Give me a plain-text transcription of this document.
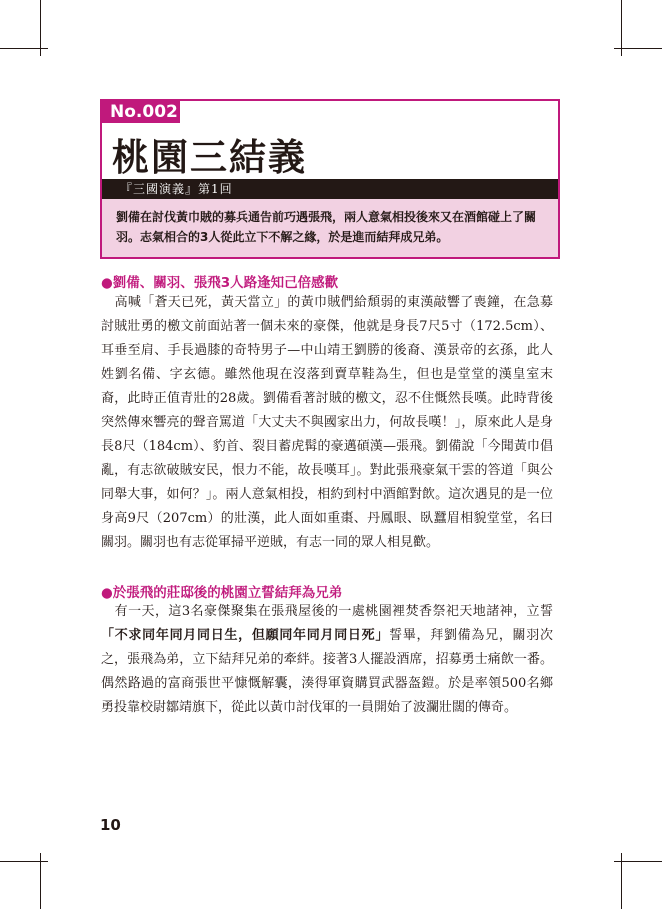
No.002
桃園三結義
『三國演義』第1回
劉備在討伐黃巾賊的募兵通告前巧遇張飛，兩人意氣相投後來又在酒館碰上了關羽。志氣相合的3人從此立下不解之緣，於是進而結拜成兄弟。
●劉備、關羽、張飛3人路逢知己倍感歡

高喊「蒼天已死，黃天當立」的黃巾賊們給頹弱的東漢敲響了喪鐘，在急募討賊壯勇的檄文前面站著一個未來的豪傑，他就是身長7尺5寸（172.5cm）、耳垂至肩、手長過膝的奇特男子—中山靖王劉勝的後裔、漢景帝的玄孫，此人姓劉名備、字玄德。雖然他現在沒落到賣草鞋為生，但也是堂堂的漢皇室末裔，此時正值青壯的28歲。劉備看著討賊的檄文，忍不住慨然長嘆。此時背後突然傳來響亮的聲音罵道「大丈夫不與國家出力，何故長嘆！」，原來此人是身長8尺（184cm）、豹首、裂目蓄虎髯的豪邁碩漢—張飛。劉備說「今聞黃巾倡亂，有志欲破賊安民，恨力不能，故長嘆耳」。對此張飛豪氣干雲的答道「與公同舉大事，如何？」。兩人意氣相投，相約到村中酒館對飲。這次遇見的是一位身高9尺（207cm）的壯漢，此人面如重棗、丹鳳眼、臥蠶眉相貌堂堂，名曰關羽。關羽也有志從軍掃平逆賊，有志一同的眾人相見歡。

●於張飛的莊邸後的桃園立誓結拜為兄弟

有一天，這3名豪傑聚集在張飛屋後的一處桃園裡焚香祭祀天地諸神，立誓「不求同年同月同日生，但願同年同月同日死」誓畢，拜劉備為兄，關羽次之，張飛為弟，立下結拜兄弟的牽絆。接著3人擺設酒席，招募勇士痛飲一番。偶然路過的富商張世平慷慨解囊，湊得軍資購買武器盔鎧。於是率領500名鄉勇投靠校尉鄒靖旗下，從此以黃巾討伐軍的一員開始了波瀾壯闊的傳奇。

10
